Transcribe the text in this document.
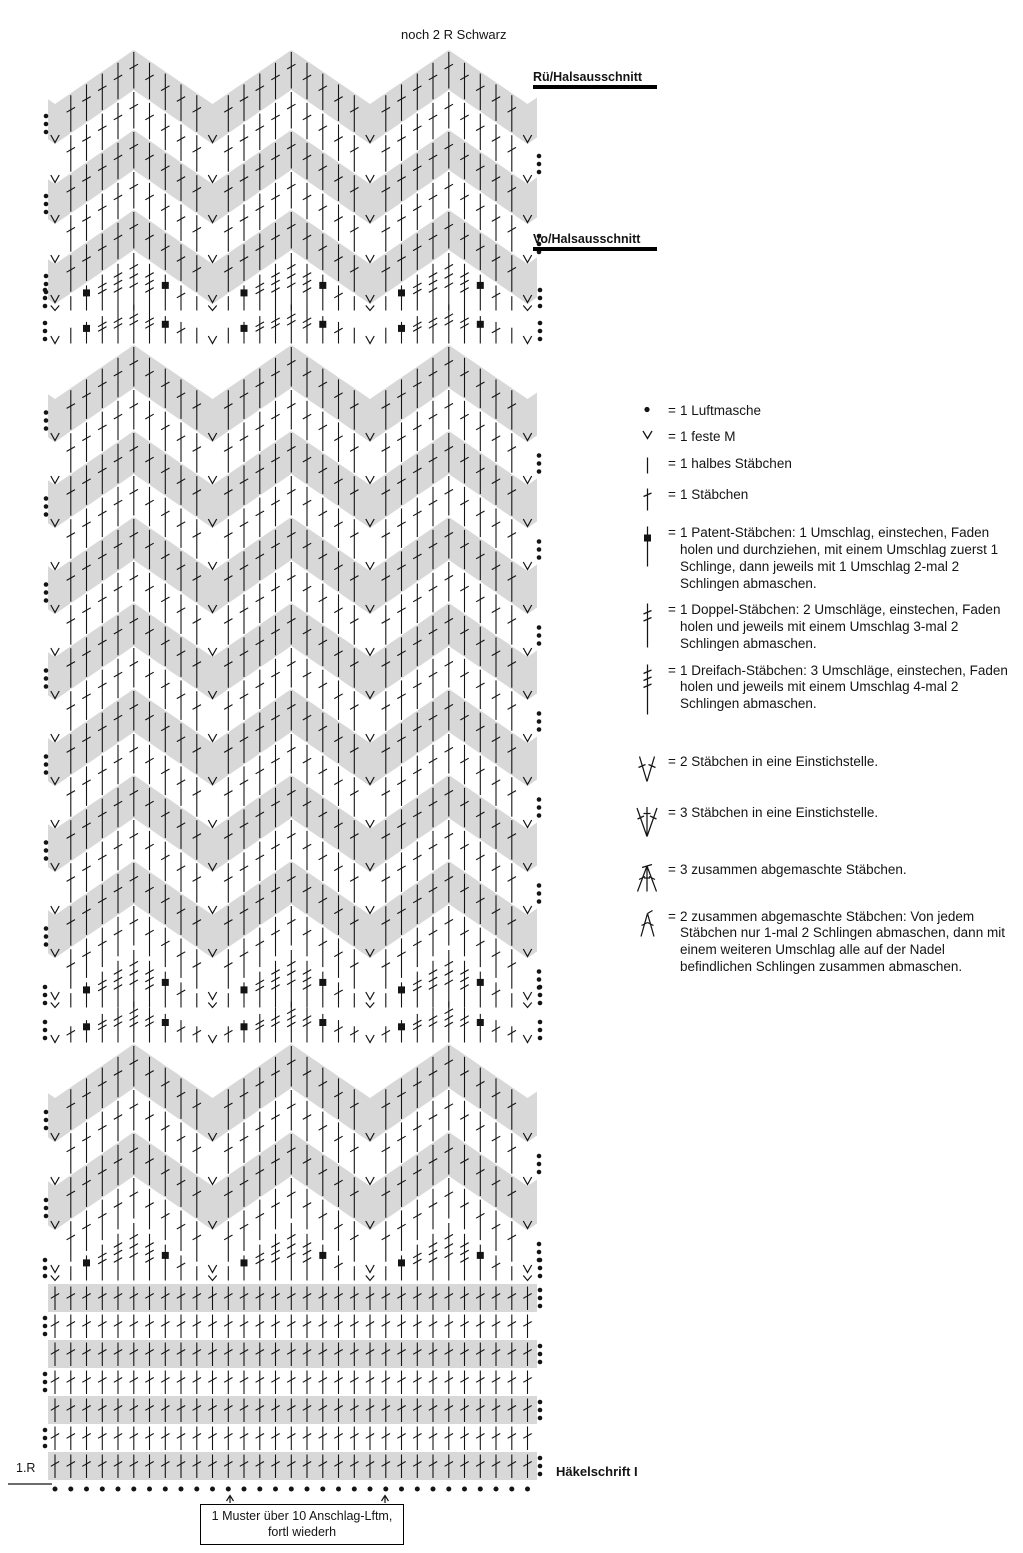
noch 2 R Schwarz
Rü/Halsausschnitt
Vo/Halsausschnitt
Häkelschrift I
1.R
1 Muster über 10 Anschlag-Lftm,
fortl wiederh
= 1 Luftmasche
= 1 feste M
= 1 halbes Stäbchen
= 1 Stäbchen
= 1 Patent-Stäbchen: 1 Umschlag, einstechen, Faden holen und durchziehen, mit einem Umschlag zuerst 1 Schlinge, dann jeweils mit 1 Umschlag 2-mal 2 Schlingen abmaschen.
= 1 Doppel-Stäbchen: 2 Umschläge, einstechen, Faden holen und jeweils mit einem Umschlag 3-mal 2 Schlingen abmaschen.
= 1 Dreifach-Stäbchen: 3 Umschläge, einstechen, Faden holen und jeweils mit einem Umschlag 4-mal 2 Schlingen abmaschen.
= 2 Stäbchen in eine Einstichstelle.
= 3 Stäbchen in eine Einstichstelle.
= 3 zusammen abgemaschte Stäbchen.
= 2 zusammen abgemaschte Stäbchen: Von jedem Stäbchen nur 1-mal 2 Schlingen abmaschen, dann mit einem weiteren Umschlag alle auf der Nadel befindlichen Schlingen zusammen abmaschen.
